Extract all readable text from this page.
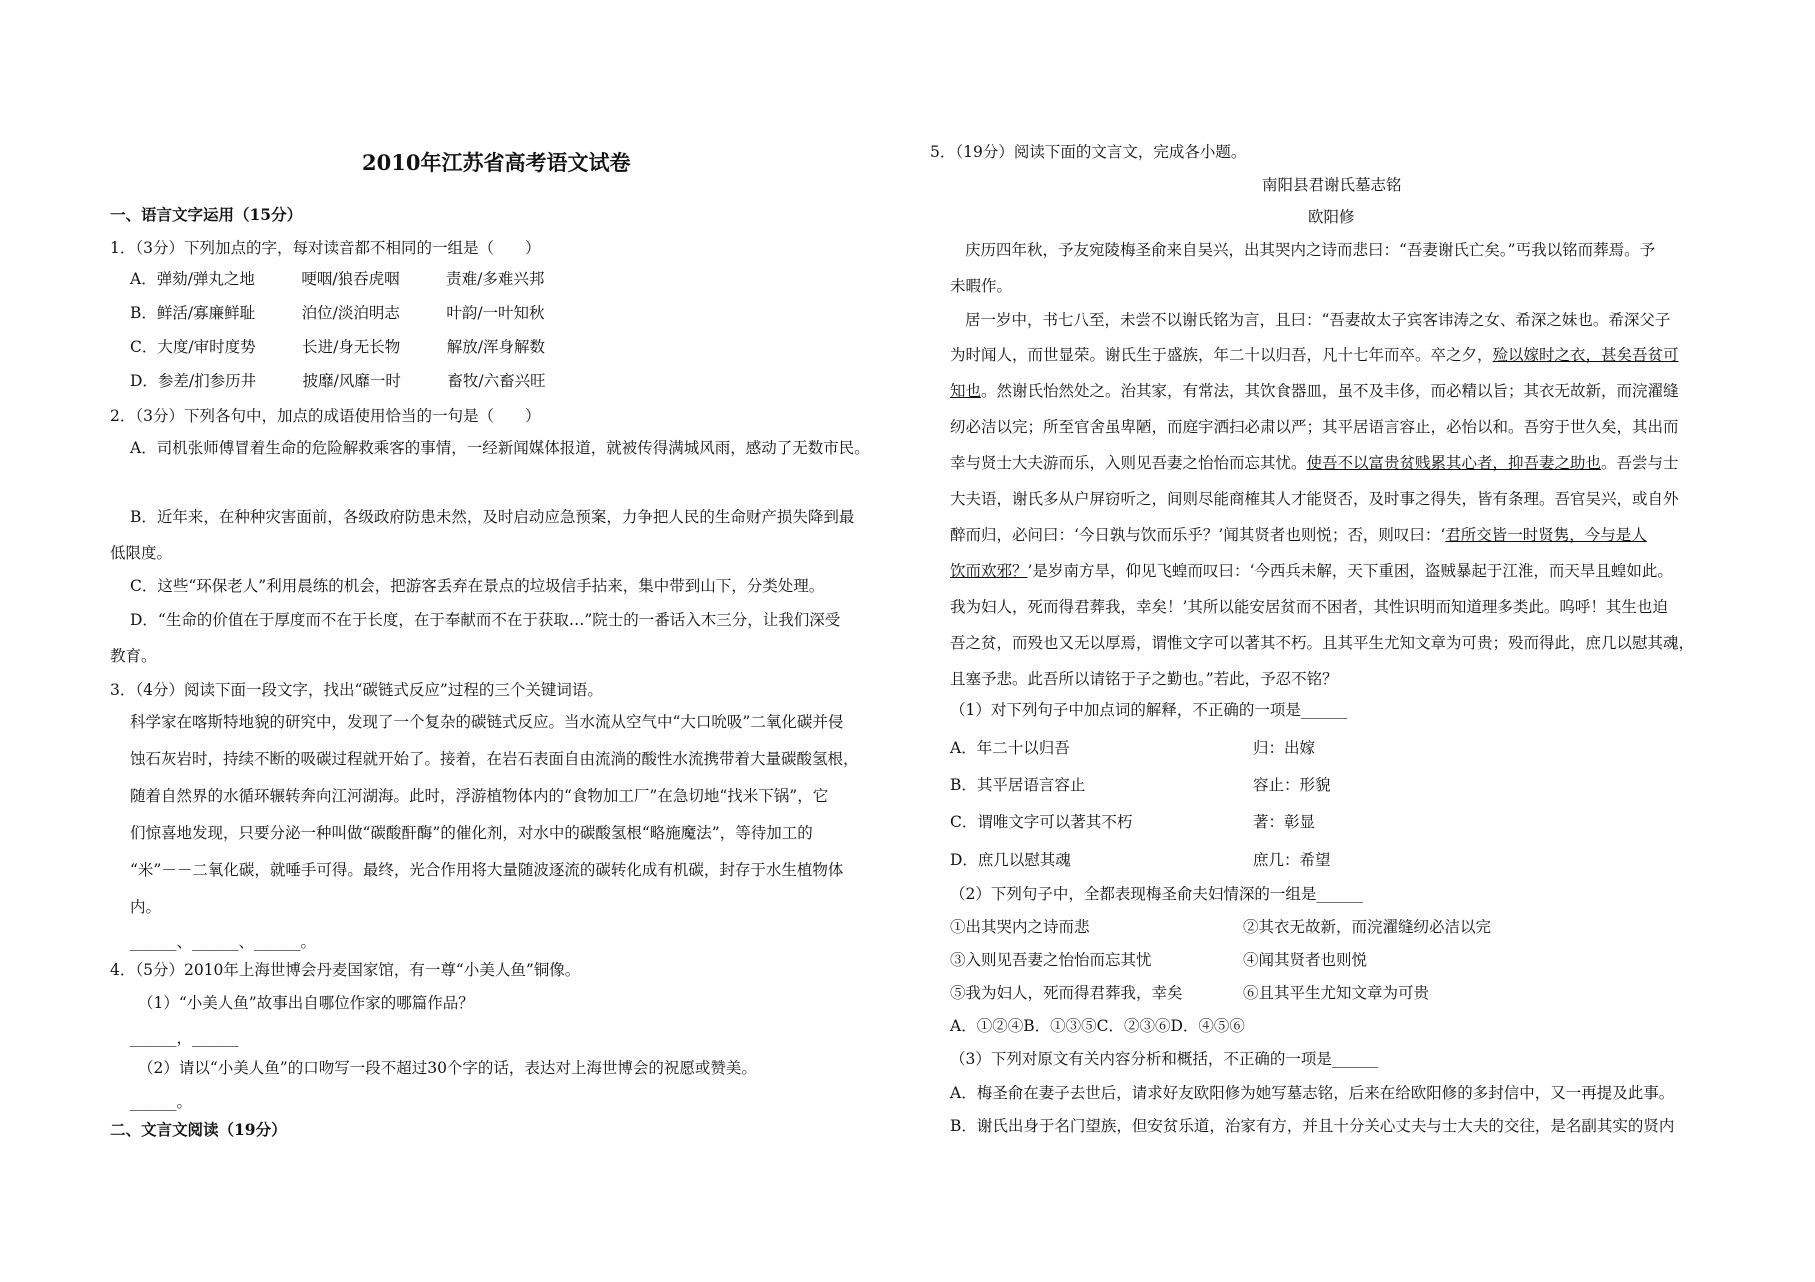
2010年江苏省高考语文试卷
一、语言文字运用（15分）
1．（3分）下列加点的字，每对读音都不相同的一组是（　　）
A．弹劾/弹丸之地　　　哽咽/狼吞虎咽　　　责难/多难兴邦
B．鲜活/寡廉鲜耻　　　泊位/淡泊明志　　　叶韵/一叶知秋
C．大度/审时度势　　　长进/身无长物　　　解放/浑身解数
D．参差/扪参历井　　　披靡/风靡一时　　　畜牧/六畜兴旺
2．（3分）下列各句中，加点的成语使用恰当的一句是（　　）
A．司机张师傅冒着生命的危险解救乘客的事情，一经新闻媒体报道，就被传得满城风雨，感动了无数市民。
B．近年来，在种种灾害面前，各级政府防患未然，及时启动应急预案，力争把人民的生命财产损失降到最
低限度。
C．这些“环保老人”利用晨练的机会，把游客丢弃在景点的垃圾信手拈来，集中带到山下，分类处理。
D．“生命的价值在于厚度而不在于长度，在于奉献而不在于获取…”院士的一番话入木三分，让我们深受
教育。
3．（4分）阅读下面一段文字，找出“碳链式反应”过程的三个关键词语。
科学家在喀斯特地貌的研究中，发现了一个复杂的碳链式反应。当水流从空气中“大口吮吸”二氧化碳并侵
蚀石灰岩时，持续不断的吸碳过程就开始了。接着，在岩石表面自由流淌的酸性水流携带着大量碳酸氢根，
随着自然界的水循环辗转奔向江河湖海。此时，浮游植物体内的“食物加工厂”在急切地“找米下锅”，它
们惊喜地发现，只要分泌一种叫做“碳酸酐酶”的催化剂，对水中的碳酸氢根“略施魔法”，等待加工的
“米”－－二氧化碳，就唾手可得。最终，光合作用将大量随波逐流的碳转化成有机碳，封存于水生植物体
内。
______、______、______。
4．（5分）2010年上海世博会丹麦国家馆，有一尊“小美人鱼”铜像。
（1）“小美人鱼”故事出自哪位作家的哪篇作品？
______，______
（2）请以“小美人鱼”的口吻写一段不超过30个字的话，表达对上海世博会的祝愿或赞美。
______。
二、文言文阅读（19分）
5．（19分）阅读下面的文言文，完成各小题。
南阳县君谢氏墓志铭
欧阳修
庆历四年秋，予友宛陵梅圣俞来自吴兴，出其哭内之诗而悲曰：“吾妻谢氏亡矣。”丐我以铭而葬焉。予
未暇作。
居一岁中，书七八至，未尝不以谢氏铭为言，且曰：“吾妻故太子宾客讳涛之女、希深之妹也。希深父子
为时闻人，而世显荣。谢氏生于盛族，年二十以归吾，凡十七年而卒。卒之夕，殓以嫁时之衣，甚矣吾贫可
知也。然谢氏怡然处之。治其家，有常法，其饮食器皿，虽不及丰侈，而必精以旨；其衣无故新，而浣濯缝
纫必洁以完；所至官舍虽卑陋，而庭宇洒扫必肃以严；其平居语言容止，必怡以和。吾穷于世久矣，其出而
幸与贤士大夫游而乐，入则见吾妻之怡怡而忘其忧。使吾不以富贵贫贱累其心者，抑吾妻之助也。吾尝与士
大夫语，谢氏多从户屏窃听之，间则尽能商榷其人才能贤否，及时事之得失，皆有条理。吾官吴兴，或自外
醉而归，必问曰：‘今日孰与饮而乐乎？’闻其贤者也则悦；否，则叹曰：‘君所交皆一时贤隽，今与是人
饮而欢邪？’是岁南方旱，仰见飞蝗而叹曰：‘今西兵未解，天下重困，盗贼暴起于江淮，而天旱且蝗如此。
我为妇人，死而得君葬我，幸矣！’其所以能安居贫而不困者，其性识明而知道理多类此。呜呼！其生也迫
吾之贫，而殁也又无以厚焉，谓惟文字可以著其不朽。且其平生尤知文章为可贵；殁而得此，庶几以慰其魂，
且塞予悲。此吾所以请铭于子之勤也。”若此，予忍不铭？
（1）对下列句子中加点词的解释，不正确的一项是______
A．年二十以归吾	归：出嫁
B．其平居语言容止	容止：形貌
C．谓唯文字可以著其不朽	著：彰显
D．庶几以慰其魂	庶几：希望
（2）下列句子中，全都表现梅圣俞夫妇情深的一组是______
①出其哭内之诗而悲	②其衣无故新，而浣濯缝纫必洁以完
③入则见吾妻之怡怡而忘其忧	④闻其贤者也则悦
⑤我为妇人，死而得君葬我，幸矣	⑥且其平生尤知文章为可贵
A．①②④B．①③⑤C．②③⑥D．④⑤⑥
（3）下列对原文有关内容分析和概括，不正确的一项是______
A．梅圣俞在妻子去世后，请求好友欧阳修为她写墓志铭，后来在给欧阳修的多封信中，又一再提及此事。
B．谢氏出身于名门望族，但安贫乐道，治家有方，并且十分关心丈夫与士大夫的交往，是名副其实的贤内
